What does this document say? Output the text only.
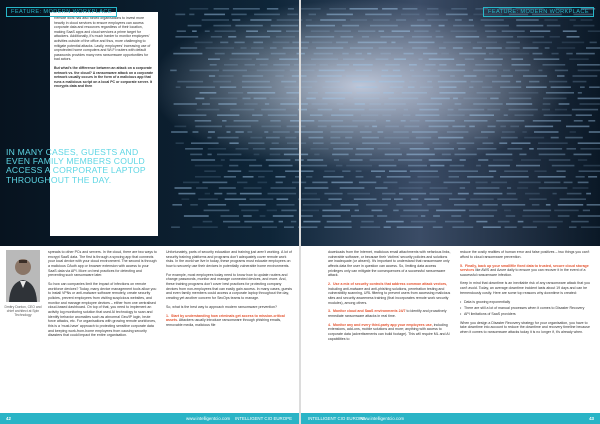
Remote work has also forced organisations to invest more heavily in cloud services to ensure employees can access corporate data and resources regardless of their location, making SaaS apps and cloud services a prime target for attackers. Additionally, it's much harder to monitor employees' activities outside of the office and thus, more challenging to mitigate potential attacks. Lastly, employees' increasing use of unprotected home computers and Wi-Fi routers with default passwords provides many new ransomware opportunities for bad actors.

But what's the difference between an attack on a corporate network vs. the cloud? A ransomware attack on a corporate network usually occurs in the form of a malicious app that runs a malicious script on a local PC or corporate server. It encrypts data and then

IN MANY CASES, GUESTS AND EVEN FAMILY MEMBERS COULD ACCESS A CORPORATE LAPTOP THROUGHOUT THE DAY.
FEATURE: MODERN WORKPLACE
Dmitry Dontov, CEO and chief architect at Spin Technology

spreads to other PCs and servers. In the cloud, there are two ways to encrypt SaaS data. The first is through a syncing app that connects your local device with your cloud environment. The second is through a malicious OAuth app or browser extension with access to your SaaS data via API. More on best practices for detecting and preventing such ransomware later.

So how can companies limit the impact of infections on remote workforce devices? Today, many device management tools allow you to install VPNs or anti-malware software remotely, create security policies, prevent employees from visiting suspicious websites, and monitor and manage employee devices – either from one centralised cloud-based dashboard. On top of that, you need to implement an activity log monitoring solution that used AI technology to scan and identify behavior anomalies such as abnormal Geo/IP login, brute force attacks, etc. For organisations with growing remote workforces, this is a 'must-have' approach to protecting sensitive corporate data and keeping work-from-home employees from causing security disasters that could impact the entire organisation.

Unfortunately, parts of security education and training just aren't working. A lot of security training platforms and programs don't adequately cover remote work risks. In the world we live in today, these programs must educate employees on how to securely use their devices in potentially vulnerable home environments.

For example, most employees today need to know how to update routers and change passwords, monitor and manage connected devices, and more. And, these training programs don't cover best practices for protecting company devices from non-employees that can easily gain access. In many cases, guests and even family members could access a corporate laptop throughout the day, creating yet another concern for SecOps teams to manage.

So, what is the best way to approach modern ransomware prevention?

1. Start by understanding how criminals get access to mission-critical assets. Attackers usually introduce ransomware through phishing emails, removable media, malicious file
42	www.intelligentcio.com INTELLIGENT CIO EUROPE
FEATURE: MODERN WORKPLACE

downloads from the Internet, malicious email attachments with nefarious links, vulnerable software, or because their 'victims' security policies and solutions are inadequate (or absent). It's important to understand that ransomware only affects data the user in question can access. So, limiting data access privileges only can mitigate the consequences of a successful ransomware attack.

2. Use a mix of security controls that address common attack vectors, including anti-malware and anti-phishing solutions, penetration testing and vulnerability scanning, URL filtering to prevent users from accessing malicious sites and security awareness training (that incorporates remote work security modules), among others.
3. Monitor cloud and SaaS environments 24/7 to identify and proactively remediate ransomware attacks in real time.
4. Monitor any and every third-party app your employees use, including extensions, add-ons, mobile solutions and more; anything with access to corporate data (advertisements can build footage). This will require ML and AI capabilities to

reduce the costly realities of human error and false positives – two things you can't afford to cloud ransomware prevention.

5. Finally, back up your small/file fixed data to trusted, secure cloud storage services like AWS and Azure daily to ensure you can recover it in the event of a successful ransomware infection.

Keep in mind that downtime is an inevitable risk of any ransomware attack that you can't avoid. Today, an average downtime incident lasts about 19 days and can be tremendously costly. Here are some top reasons why downtime is created:

• Data is growing exponentially
• There are still a lot of manual processes when it comes to Disaster Recovery
• API limitations of SaaS providers

When you design a Disaster Recovery strategy for your organisation, you have to take downtime into account to reduce the downtime and recovery timeline because when it comes to ransomware attacks today it is no longer if, it's already when.

INTELLIGENT CIO EUROPE
www.intelligentcio.com	43
